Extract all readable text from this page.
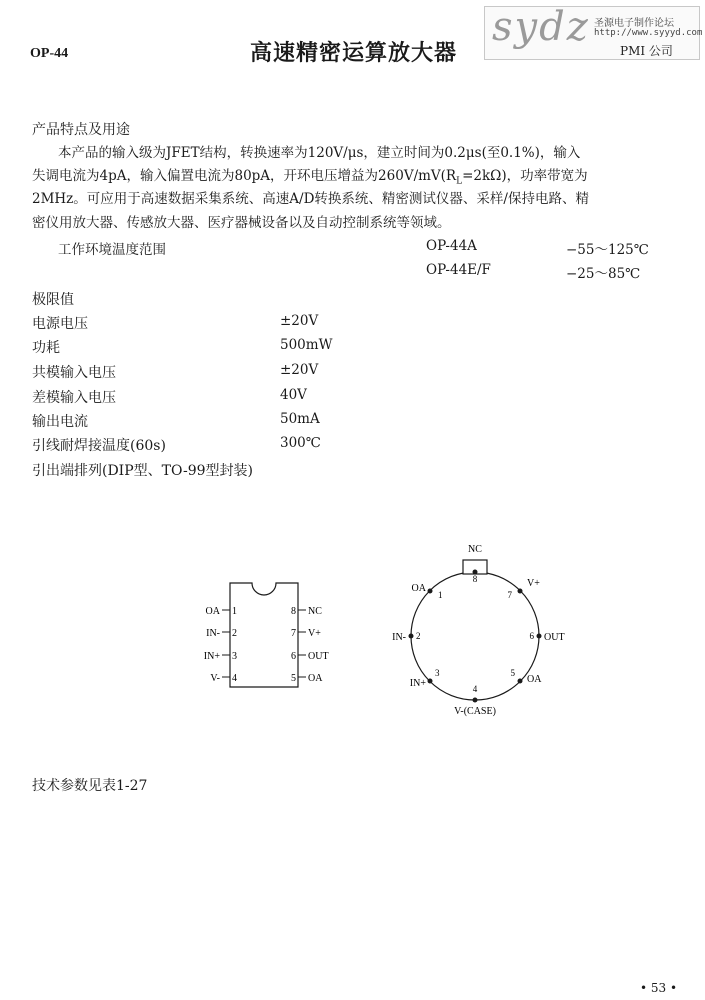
OP-44	高速精密运算放大器
sydz 圣源电子制作论坛
http://www.syyyd.com
PMI 公司
产品特点及用途
本产品的输入级为JFET结构，转换速率为120V/μs，建立时间为0.2μs(至0.1%)，输入
失调电流为4pA，输入偏置电流为80pA，开环电压增益为$260V/mV(R_L=2k\Omega)$，功率带宽为
2MHz。可应用于高速数据采集系统、高速A/D转换系统、精密测试仪器、采样/保持电路、精
密仪用放大器、传感放大器、医疗器械设备以及自动控制系统等领域。
工作环境温度范围	OP-44A	−55～125℃
OP-44E/F	−25～85℃
极限值
电源电压	±20V
功耗	500mW
共模输入电压	±20V
差模输入电压	40V
输出电流	50mA
引线耐焊接温度(60s)	300℃
引出端排列(DIP型、TO-99型封装)
1
2
3
4
OA
IN-
IN+
V-
8
7
6
5
NC
V+
OUT
OA
8
1	7
2	6
3	5
4
NC
OA	V+
IN-	OUT
IN+	OA
V-(CASE)
技术参数见表1-27
• 53 •
